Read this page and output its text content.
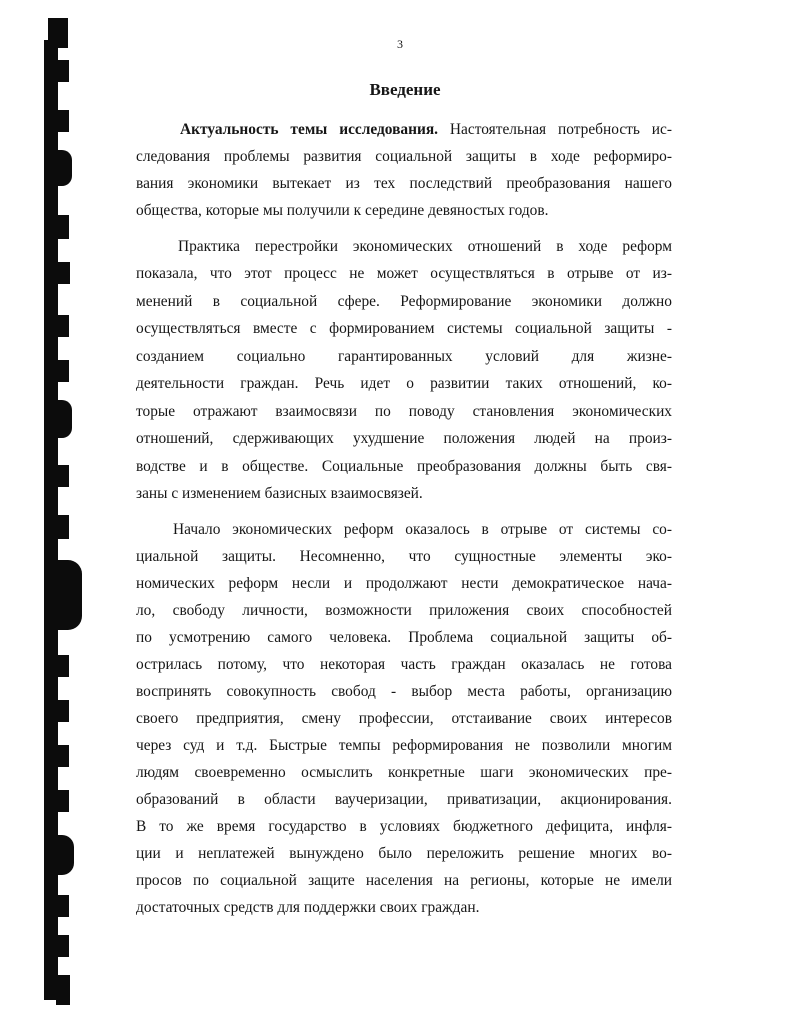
3
Введение
Актуальность темы исследования. Настоятельная потребность ис-
следования проблемы развития социальной защиты в ходе реформиро-
вания экономики вытекает из тех последствий преобразования нашего
общества, которые мы получили к середине девяностых годов.
Практика перестройки экономических отношений в ходе реформ
показала, что этот процесс не может осуществляться в отрыве от из-
менений в социальной сфере. Реформирование экономики должно
осуществляться вместе с формированием системы социальной защиты -
созданием социально гарантированных условий для жизне-
деятельности граждан. Речь идет о развитии таких отношений, ко-
торые отражают взаимосвязи по поводу становления экономических
отношений, сдерживающих ухудшение положения людей на произ-
водстве и в обществе. Социальные преобразования должны быть свя-
заны с изменением базисных взаимосвязей.
Начало экономических реформ оказалось в отрыве от системы со-
циальной защиты. Несомненно, что сущностные элементы эко-
номических реформ несли и продолжают нести демократическое нача-
ло, свободу личности, возможности приложения своих способностей
по усмотрению самого человека. Проблема социальной защиты об-
острилась потому, что некоторая часть граждан оказалась не готова
воспринять совокупность свобод - выбор места работы, организацию
своего предприятия, смену профессии, отстаивание своих интересов
через суд и т.д. Быстрые темпы реформирования не позволили многим
людям своевременно осмыслить конкретные шаги экономических пре-
образований в области ваучеризации, приватизации, акционирования.
В то же время государство в условиях бюджетного дефицита, инфля-
ции и неплатежей вынуждено было переложить решение многих во-
просов по социальной защите населения на регионы, которые не имели
достаточных средств для поддержки своих граждан.
